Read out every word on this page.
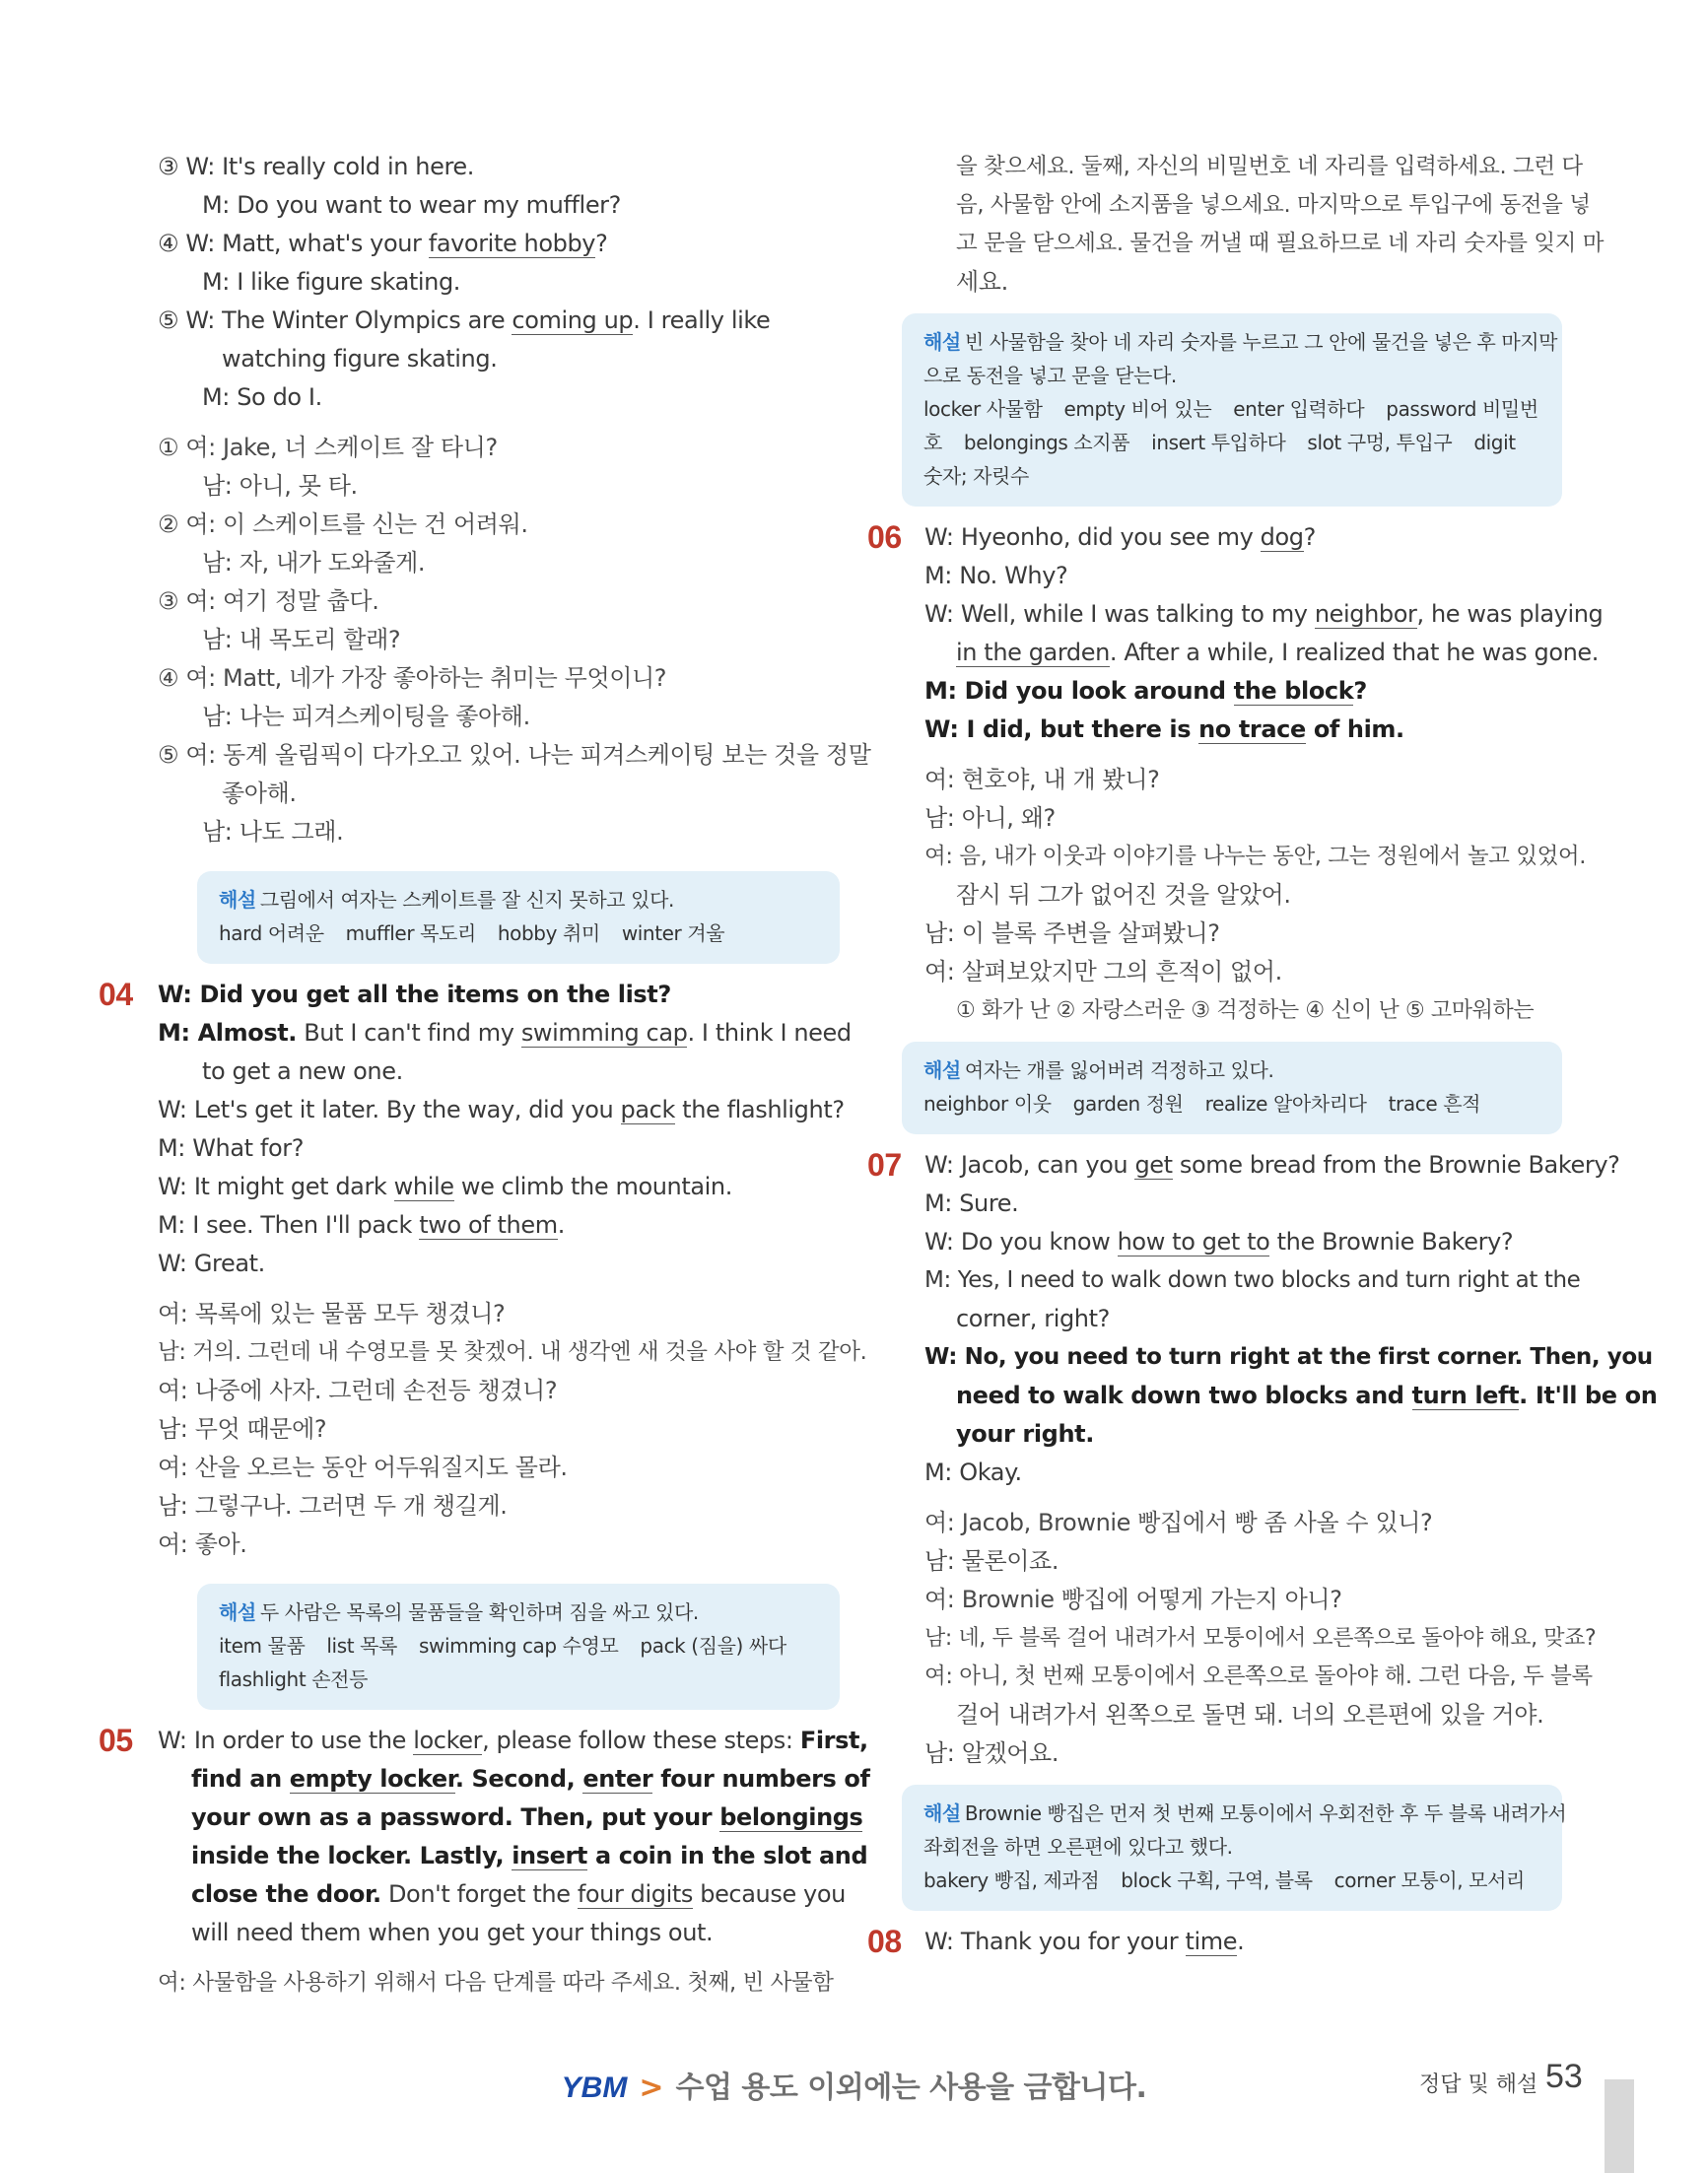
③ W: It's really cold in here.
M: Do you want to wear my muffler?
④ W: Matt, what's your favorite hobby?
M: I like figure skating.
⑤ W: The Winter Olympics are coming up. I really like
watching figure skating.
M: So do I.
① 여: Jake, 너 스케이트 잘 타니?
남: 아니, 못 타.
② 여: 이 스케이트를 신는 건 어려워.
남: 자, 내가 도와줄게.
③ 여: 여기 정말 춥다.
남: 내 목도리 할래?
④ 여: Matt, 네가 가장 좋아하는 취미는 무엇이니?
남: 나는 피겨스케이팅을 좋아해.
⑤ 여: 동계 올림픽이 다가오고 있어. 나는 피겨스케이팅 보는 것을 정말
좋아해.
남: 나도 그래.
해설 그림에서 여자는 스케이트를 잘 신지 못하고 있다.
hard 어려운 muffler 목도리 hobby 취미 winter 겨울
04 W: Did you get all the items on the list?
M: Almost. But I can't find my swimming cap. I think I need
to get a new one.
W: Let's get it later. By the way, did you pack the flashlight?
M: What for?
W: It might get dark while we climb the mountain.
M: I see. Then I'll pack two of them.
W: Great.
여: 목록에 있는 물품 모두 챙겼니?
남: 거의. 그런데 내 수영모를 못 찾겠어. 내 생각엔 새 것을 사야 할 것 같아.
여: 나중에 사자. 그런데 손전등 챙겼니?
남: 무엇 때문에?
여: 산을 오르는 동안 어두워질지도 몰라.
남: 그렇구나. 그러면 두 개 챙길게.
여: 좋아.
해설 두 사람은 목록의 물품들을 확인하며 짐을 싸고 있다.
item 물품 list 목록 swimming cap 수영모 pack (짐을) 싸다
flashlight 손전등
05 W: In order to use the locker, please follow these steps: First,
find an empty locker. Second, enter four numbers of
your own as a password. Then, put your belongings
inside the locker. Lastly, insert a coin in the slot and
close the door. Don't forget the four digits because you
will need them when you get your things out.
여: 사물함을 사용하기 위해서 다음 단계를 따라 주세요. 첫째, 빈 사물함
을 찾으세요. 둘째, 자신의 비밀번호 네 자리를 입력하세요. 그런 다
음, 사물함 안에 소지품을 넣으세요. 마지막으로 투입구에 동전을 넣
고 문을 닫으세요. 물건을 꺼낼 때 필요하므로 네 자리 숫자를 잊지 마
세요.
해설 빈 사물함을 찾아 네 자리 숫자를 누르고 그 안에 물건을 넣은 후 마지막
으로 동전을 넣고 문을 닫는다.
locker 사물함 empty 비어 있는 enter 입력하다 password 비밀번
호 belongings 소지품 insert 투입하다 slot 구멍, 투입구 digit
숫자; 자릿수
06 W: Hyeonho, did you see my dog?
M: No. Why?
W: Well, while I was talking to my neighbor, he was playing
in the garden. After a while, I realized that he was gone.
M: Did you look around the block?
W: I did, but there is no trace of him.
여: 현호야, 내 개 봤니?
남: 아니, 왜?
여: 음, 내가 이웃과 이야기를 나누는 동안, 그는 정원에서 놀고 있었어.
잠시 뒤 그가 없어진 것을 알았어.
남: 이 블록 주변을 살펴봤니?
여: 살펴보았지만 그의 흔적이 없어.
① 화가 난 ② 자랑스러운 ③ 걱정하는 ④ 신이 난 ⑤ 고마워하는
해설 여자는 개를 잃어버려 걱정하고 있다.
neighbor 이웃 garden 정원 realize 알아차리다 trace 흔적
07 W: Jacob, can you get some bread from the Brownie Bakery?
M: Sure.
W: Do you know how to get to the Brownie Bakery?
M: Yes, I need to walk down two blocks and turn right at the
corner, right?
W: No, you need to turn right at the first corner. Then, you
need to walk down two blocks and turn left. It'll be on
your right.
M: Okay.
여: Jacob, Brownie 빵집에서 빵 좀 사올 수 있니?
남: 물론이죠.
여: Brownie 빵집에 어떻게 가는지 아니?
남: 네, 두 블록 걸어 내려가서 모퉁이에서 오른쪽으로 돌아야 해요, 맞죠?
여: 아니, 첫 번째 모퉁이에서 오른쪽으로 돌아야 해. 그런 다음, 두 블록
걸어 내려가서 왼쪽으로 돌면 돼. 너의 오른편에 있을 거야.
남: 알겠어요.
해설 Brownie 빵집은 먼저 첫 번째 모퉁이에서 우회전한 후 두 블록 내려가서
좌회전을 하면 오른편에 있다고 했다.
bakery 빵집, 제과점 block 구획, 구역, 블록 corner 모퉁이, 모서리
08 W: Thank you for your time.
YBM > 수업 용도 이외에는 사용을 금합니다.	정답 및 해설 53
